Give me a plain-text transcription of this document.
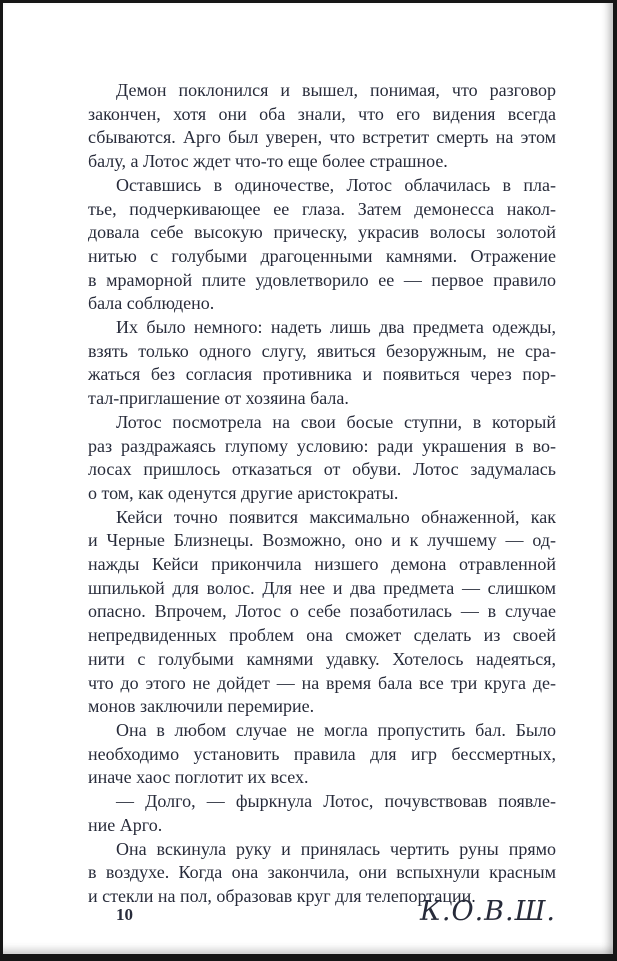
Демон поклонился и вышел, понимая, что разговор
закончен, хотя они оба знали, что его видения всегда
сбываются. Арго был уверен, что встретит смерть на этом
балу, а Лотос ждет что-то еще более страшное.
Оставшись в одиночестве, Лотос облачилась в пла-
тье, подчеркивающее ее глаза. Затем демонесса накол-
довала себе высокую прическу, украсив волосы золотой
нитью с голубыми драгоценными камнями. Отражение
в мраморной плите удовлетворило ее — первое правило
бала соблюдено.
Их было немного: надеть лишь два предмета одежды,
взять только одного слугу, явиться безоружным, не сра-
жаться без согласия противника и появиться через пор-
тал-приглашение от хозяина бала.
Лотос посмотрела на свои босые ступни, в который
раз раздражаясь глупому условию: ради украшения в во-
лосах пришлось отказаться от обуви. Лотос задумалась
о том, как оденутся другие аристократы.
Кейси точно появится максимально обнаженной, как
и Черные Близнецы. Возможно, оно и к лучшему — од-
нажды Кейси прикончила низшего демона отравленной
шпилькой для волос. Для нее и два предмета — слишком
опасно. Впрочем, Лотос о себе позаботилась — в случае
непредвиденных проблем она сможет сделать из своей
нити с голубыми камнями удавку. Хотелось надеяться,
что до этого не дойдет — на время бала все три круга де-
монов заключили перемирие.
Она в любом случае не могла пропустить бал. Было
необходимо установить правила для игр бессмертных,
иначе хаос поглотит их всех.
— Долго, — фыркнула Лотос, почувствовав появле-
ние Арго.
Она вскинула руку и принялась чертить руны прямо
в воздухе. Когда она закончила, они вспыхнули красным
и стекли на пол, образовав круг для телепортации.
10	К.О.В.Ш.
